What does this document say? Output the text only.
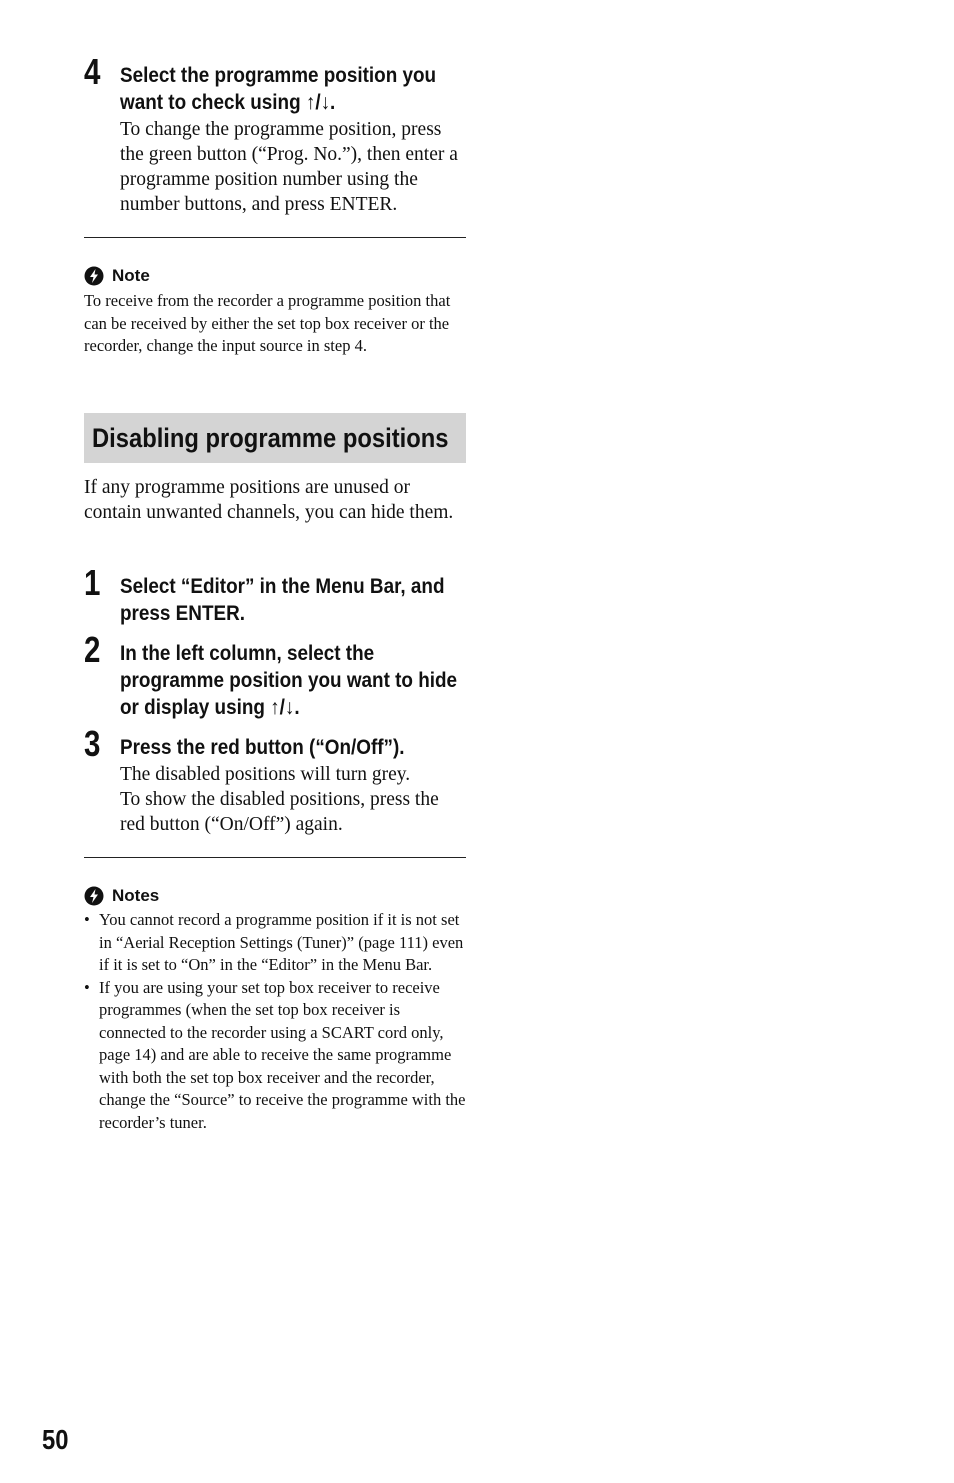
4 Select the programme position you want to check using ↑/↓.
To change the programme position, press the green button (“Prog. No.”), then enter a programme position number using the number buttons, and press ENTER.
Note
To receive from the recorder a programme position that can be received by either the set top box receiver or the recorder, change the input source in step 4.
Disabling programme positions
If any programme positions are unused or contain unwanted channels, you can hide them.
1 Select “Editor” in the Menu Bar, and press ENTER.
2 In the left column, select the programme position you want to hide or display using ↑/↓.
3 Press the red button (“On/Off”).
The disabled positions will turn grey.
To show the disabled positions, press the red button (“On/Off”) again.
Notes
• You cannot record a programme position if it is not set in “Aerial Reception Settings (Tuner)” (page 111) even if it is set to “On” in the “Editor” in the Menu Bar.
• If you are using your set top box receiver to receive programmes (when the set top box receiver is connected to the recorder using a SCART cord only, page 14) and are able to receive the same programme with both the set top box receiver and the recorder, change the “Source” to receive the programme with the recorder’s tuner.
50
